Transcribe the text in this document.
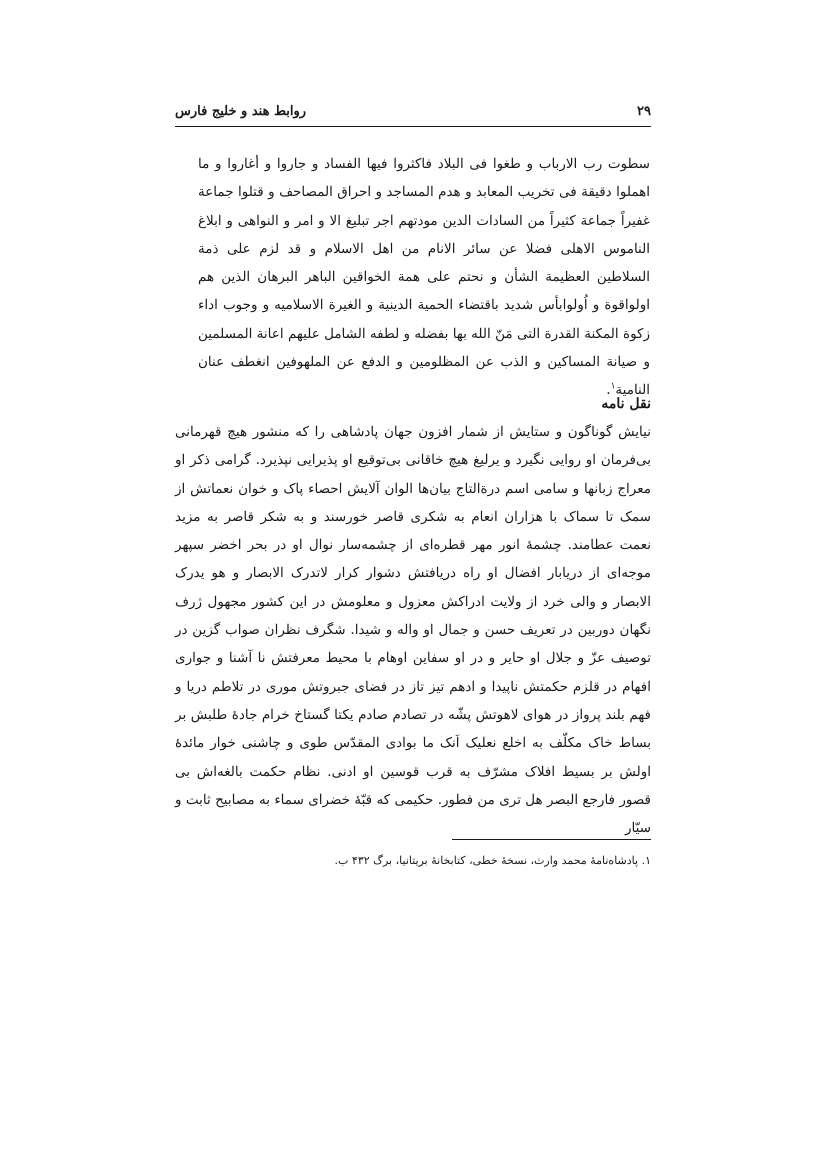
۲۹
روابط هند و خلیج فارس

سطوت رب الارباب و طغوا فی البلاد فاکثروا فیها الفساد و جاروا و أغاروا و ما اهملوا دقیقة فی تخریب المعابد و هدم المساجد و احراق المصاحف و قتلوا جماعة غفیراً جماعة کثیراً من السادات الدین مودتهم اجر تبلیغ الا و امر و النواهی و ابلاغ الناموس الاهلی فضلا عن سائر الانام من اهل الاسلام و قد لزم علی ذمة السلاطین العظیمة الشأن و نحتم علی همة الخواقین الباهر البرهان الذین هم اولواقوة و اُولوابأس شدید باقتضاء الحمیة الدینیة و الغیرة الاسلامیه و وجوب اداء زکوة المکنة القدرة التی مَنّ الله بها بفضله و لطفه الشامل علیهم اعانة المسلمین و صیانة المساکین و الذب عن المظلومین و الدفع عن الملهوفین انغطف عنان النامیة$^۱$.

نقل نامه

نیایش گوناگون و ستایش از شمار افزون جهان پادشاهی را که منشور هیچ قهرمانی بی‌فرمان او روایی نگیرد و یرلیغ هیچ خاقانی بی‌توقیع او پذیرایی نپذیرد. گرامی ذکر او معراج زبانها و سامی اسم درةالتاج بیان‌ها الوان آلایش احصاء پاک و خوان نعماتش از سمک تا سماک با هزاران انعام به شکری قاصر خورسند و به شکر قاصر به مزید نعمت عطامند. چشمهٔ انور مهر قطره‌ای از چشمه‌سار نوال او در بحر اخضر سپهر موجه‌ای از دریابار افضال او راه دریافتش دشوار کرار لاتدرک الابصار و هو یدرک الابصار و والی خرد از ولایت ادراکش معزول و معلومش در این کشور مجهول ژرف نگهان دوربین در تعریف حسن و جمال او واله و شیدا. شگرف نظران صواب گزین در توصیف عزّ و جلال او حایر و در او سفاین اوهام با محیط معرفتش نا آشنا و جواری افهام در قلزم حکمتش ناپیدا و ادهم تیز تاز در فضای جبروتش موری در تلاطم دریا و فهم بلند پرواز در هوای لاهوتش پشّه در تصادم صادم یکتا گستاخ خرام جادهٔ طلبش بر بساط خاک مکلّف به اخلع نعلیک اَنک ما بوادی المقدّس طوی و چاشنی خوار مائدهٔ اولش بر بسیط افلاک مشرّف به قرب قوسین او ادنی. نظام حکمت بالغه‌اش بی قصور فارجع البصر هل تری من فطور. حکیمی که قبّهٔ خضرای سماء به مصابیح ثابت و سیّار

۱. پادشاه‌نامهٔ محمد وارث، نسخهٔ خطی، کتابخانهٔ بریتانیا، برگ ۴۳۲ ب.
